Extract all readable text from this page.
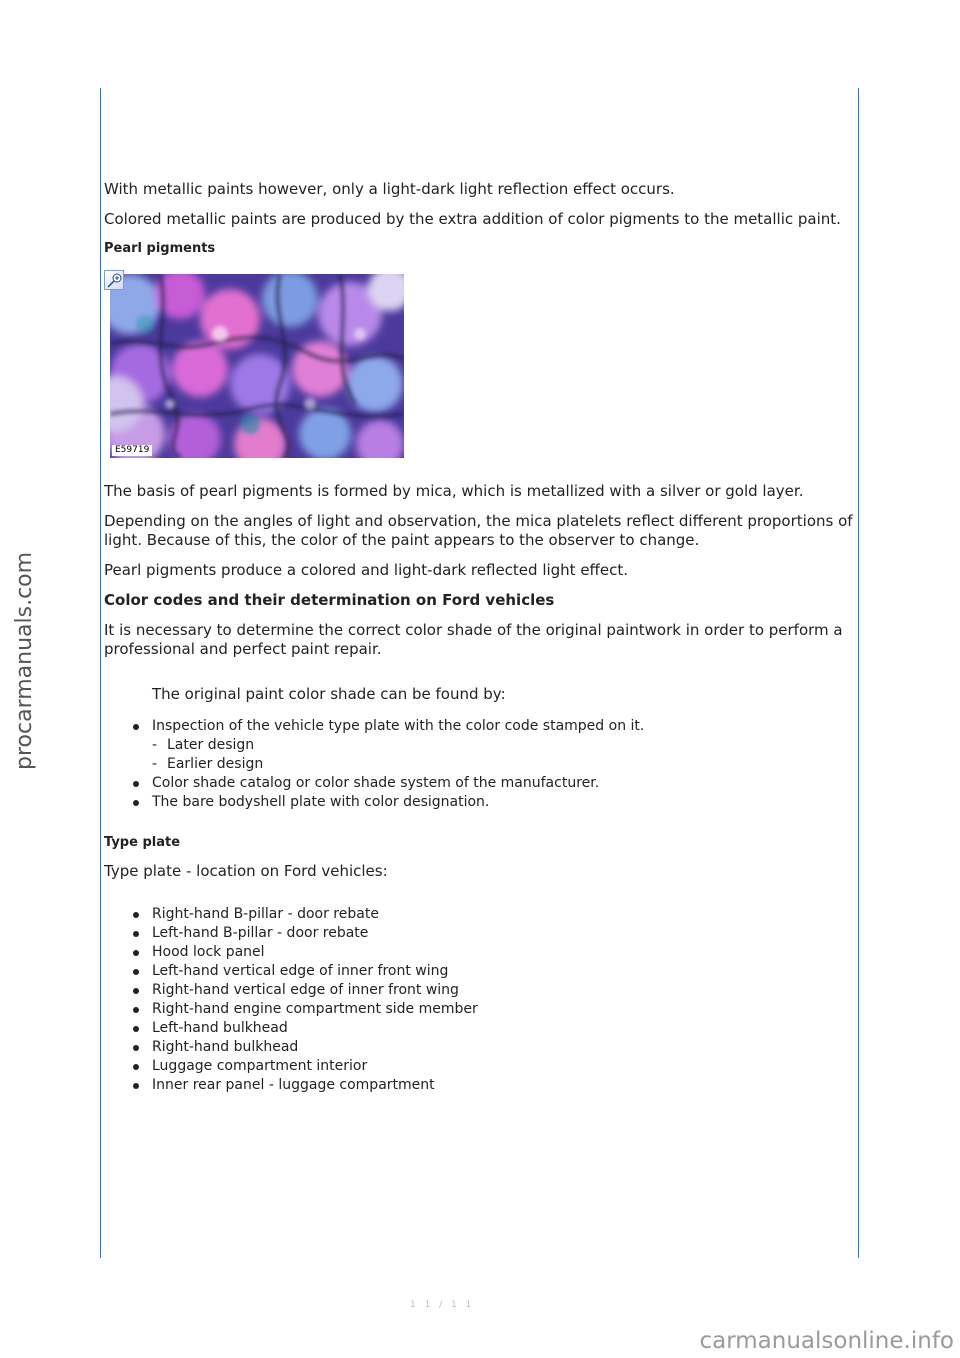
procarmanuals.com
carmanualsonline.info
1 1 / 1 1

With metallic paints however, only a light-dark light reflection effect occurs.

Colored metallic paints are produced by the extra addition of color pigments to the metallic paint.

Pearl pigments
E59719

The basis of pearl pigments is formed by mica, which is metallized with a silver or gold layer.

Depending on the angles of light and observation, the mica platelets reflect different proportions of light. Because of this, the color of the paint appears to the observer to change.

Pearl pigments produce a colored and light-dark reflected light effect.

Color codes and their determination on Ford vehicles

It is necessary to determine the correct color shade of the original paintwork in order to perform a professional and perfect paint repair.

The original paint color shade can be found by:

Inspection of the vehicle type plate with the color code stamped on it.
- Later design
- Earlier design
Color shade catalog or color shade system of the manufacturer.
The bare bodyshell plate with color designation.
Type plate

Type plate - location on Ford vehicles:

Right-hand B-pillar - door rebate
Left-hand B-pillar - door rebate
Hood lock panel
Left-hand vertical edge of inner front wing
Right-hand vertical edge of inner front wing
Right-hand engine compartment side member
Left-hand bulkhead
Right-hand bulkhead
Luggage compartment interior
Inner rear panel - luggage compartment
